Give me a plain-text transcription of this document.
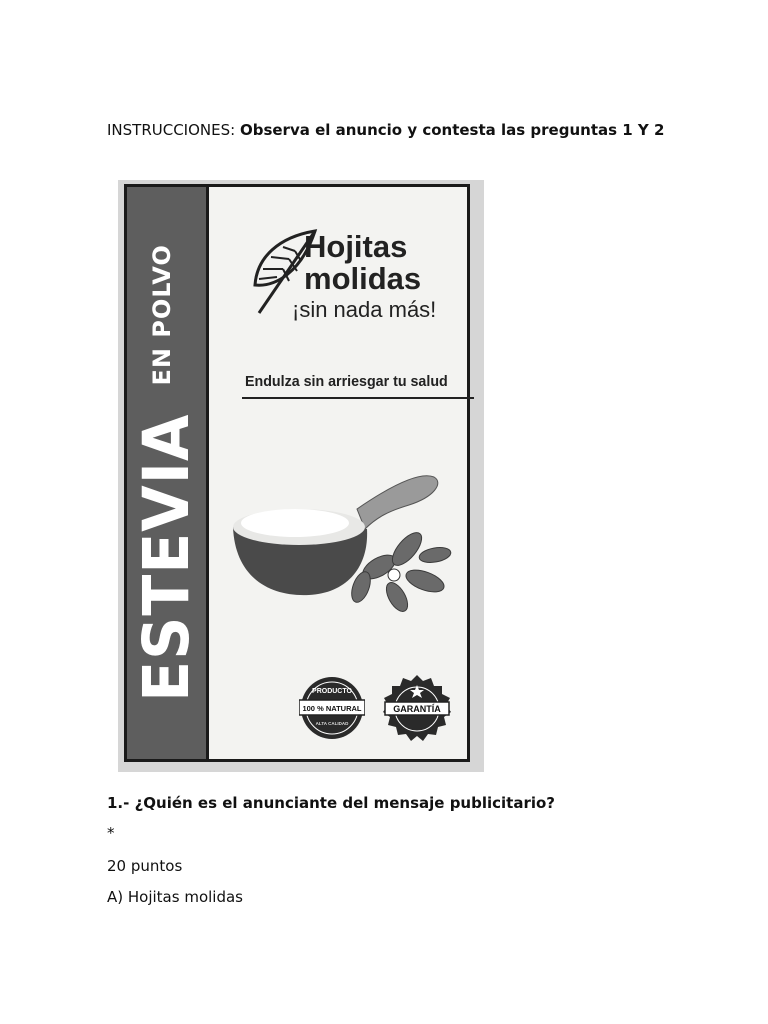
INSTRUCCIONES: Observa el anuncio y contesta las preguntas 1 Y 2
ESTEVIA
EN POLVO	Hojitas
molidas
¡sin nada más!
Endulza sin arriesgar tu salud
PRODUCTO
100 % NATURAL
ALTA CALIDAD
GARANTÍA
1.- ¿Quién es el anunciante del mensaje publicitario?
*
20 puntos
A) Hojitas molidas
